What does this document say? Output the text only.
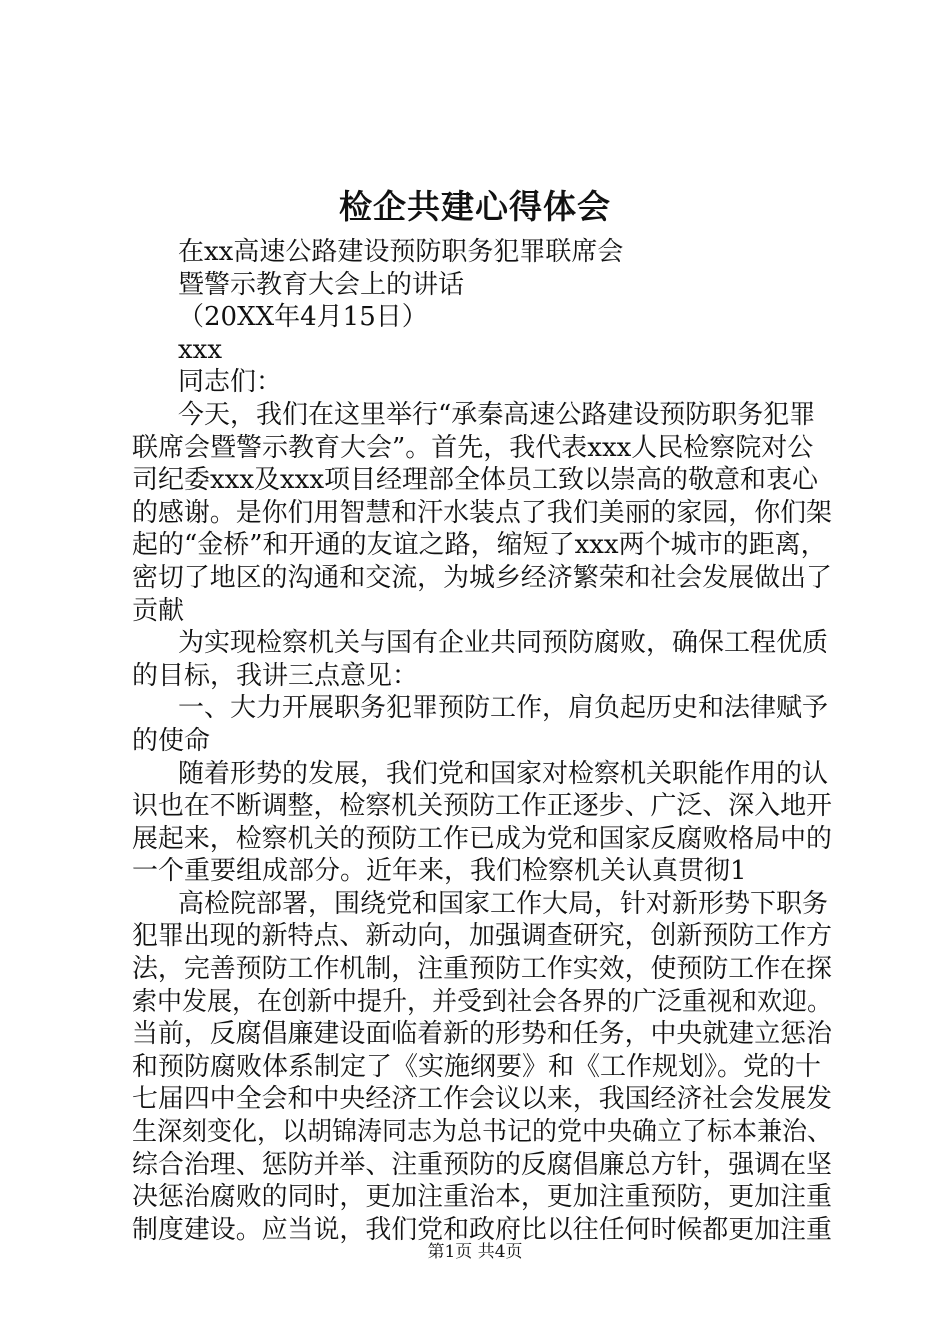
检企共建心得体会
在xx高速公路建设预防职务犯罪联席会
暨警示教育大会上的讲话
（20XX年4月15日）
xxx
同志们：
今天，我们在这里举行“承秦高速公路建设预防职务犯罪
联席会暨警示教育大会”。首先，我代表xxx人民检察院对公
司纪委xxx及xxx项目经理部全体员工致以崇高的敬意和衷心
的感谢。是你们用智慧和汗水装点了我们美丽的家园，你们架
起的“金桥”和开通的友谊之路，缩短了xxx两个城市的距离，
密切了地区的沟通和交流，为城乡经济繁荣和社会发展做出了
贡献
为实现检察机关与国有企业共同预防腐败，确保工程优质
的目标，我讲三点意见：
一、大力开展职务犯罪预防工作，肩负起历史和法律赋予
的使命
随着形势的发展，我们党和国家对检察机关职能作用的认
识也在不断调整，检察机关预防工作正逐步、广泛、深入地开
展起来，检察机关的预防工作已成为党和国家反腐败格局中的
一个重要组成部分。近年来，我们检察机关认真贯彻1
高检院部署，围绕党和国家工作大局，针对新形势下职务
犯罪出现的新特点、新动向，加强调查研究，创新预防工作方
法，完善预防工作机制，注重预防工作实效，使预防工作在探
索中发展，在创新中提升，并受到社会各界的广泛重视和欢迎。
当前，反腐倡廉建设面临着新的形势和任务，中央就建立惩治
和预防腐败体系制定了《实施纲要》和《工作规划》。党的十
七届四中全会和中央经济工作会议以来，我国经济社会发展发
生深刻变化，以胡锦涛同志为总书记的党中央确立了标本兼治、
综合治理、惩防并举、注重预防的反腐倡廉总方针，强调在坚
决惩治腐败的同时，更加注重治本，更加注重预防，更加注重
制度建设。应当说，我们党和政府比以往任何时候都更加注重
第1页 共4页
